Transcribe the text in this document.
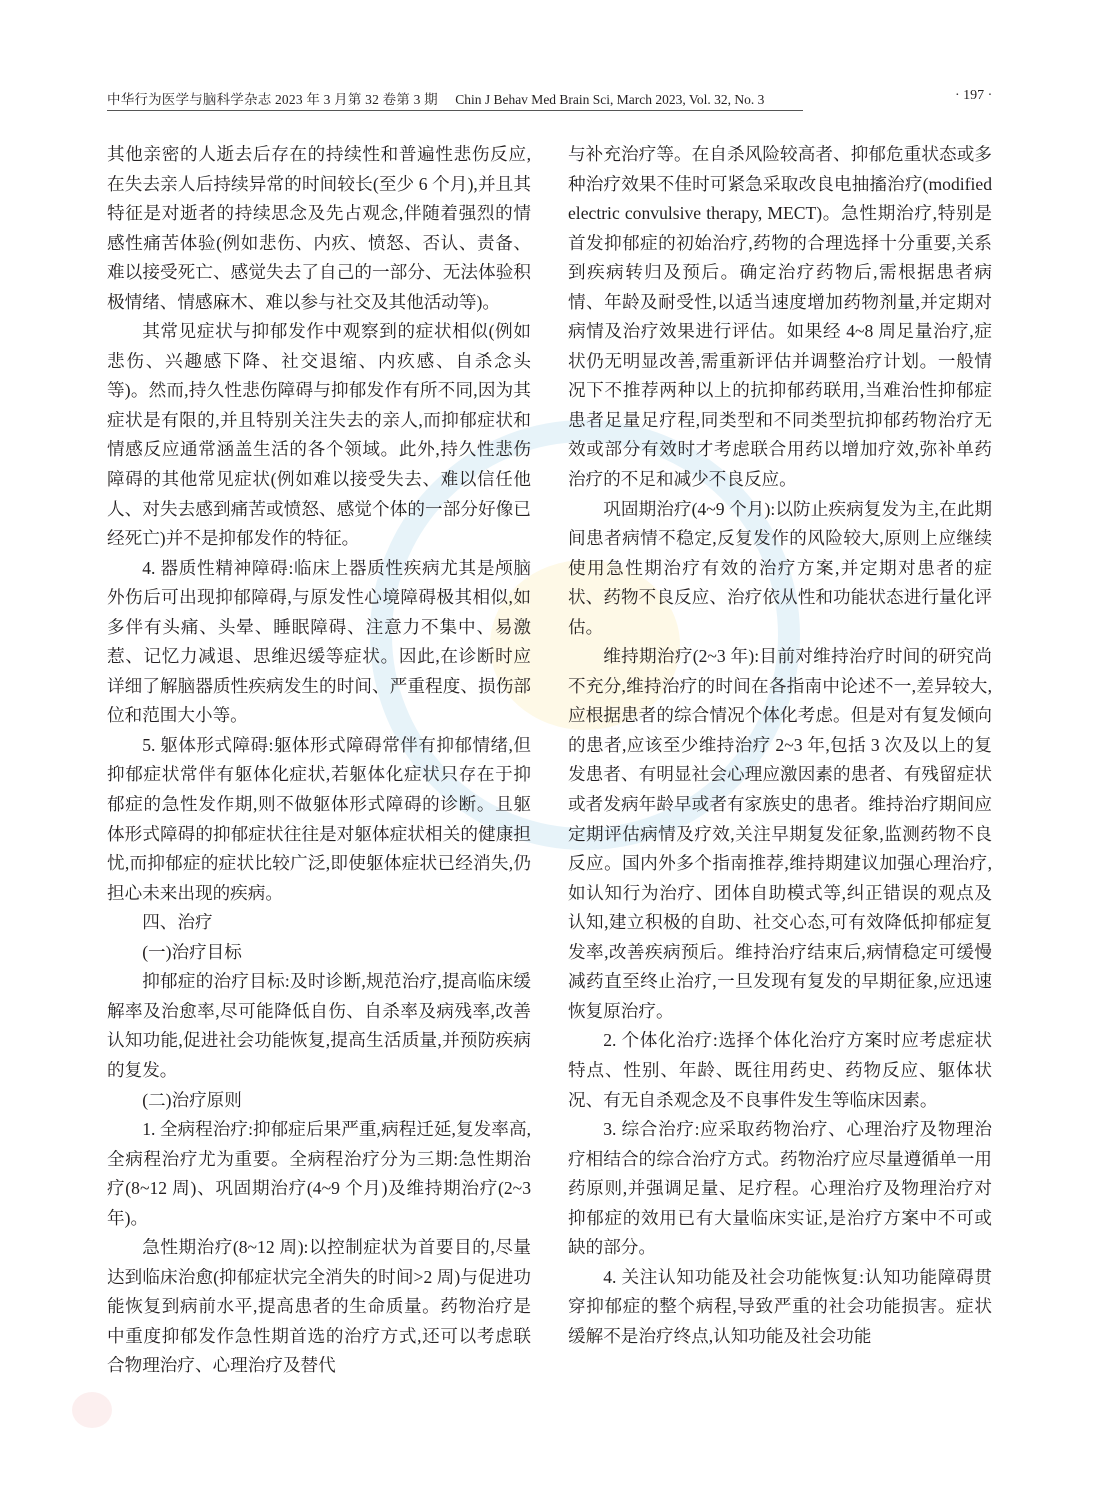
中华行为医学与脑科学杂志 2023 年 3 月第 32 卷第 3 期 Chin J Behav Med Brain Sci, March 2023, Vol. 32, No. 3	· 197 ·

其他亲密的人逝去后存在的持续性和普遍性悲伤反应,在失去亲人后持续异常的时间较长(至少 6 个月),并且其特征是对逝者的持续思念及先占观念,伴随着强烈的情感性痛苦体验(例如悲伤、内疚、愤怒、否认、责备、难以接受死亡、感觉失去了自己的一部分、无法体验积极情绪、情感麻木、难以参与社交及其他活动等)。

其常见症状与抑郁发作中观察到的症状相似(例如悲伤、兴趣感下降、社交退缩、内疚感、自杀念头等)。然而,持久性悲伤障碍与抑郁发作有所不同,因为其症状是有限的,并且特别关注失去的亲人,而抑郁症状和情感反应通常涵盖生活的各个领域。此外,持久性悲伤障碍的其他常见症状(例如难以接受失去、难以信任他人、对失去感到痛苦或愤怒、感觉个体的一部分好像已经死亡)并不是抑郁发作的特征。

4. 器质性精神障碍:临床上器质性疾病尤其是颅脑外伤后可出现抑郁障碍,与原发性心境障碍极其相似,如多伴有头痛、头晕、睡眠障碍、注意力不集中、易激惹、记忆力减退、思维迟缓等症状。因此,在诊断时应详细了解脑器质性疾病发生的时间、严重程度、损伤部位和范围大小等。

5. 躯体形式障碍:躯体形式障碍常伴有抑郁情绪,但抑郁症状常伴有躯体化症状,若躯体化症状只存在于抑郁症的急性发作期,则不做躯体形式障碍的诊断。且躯体形式障碍的抑郁症状往往是对躯体症状相关的健康担忧,而抑郁症的症状比较广泛,即使躯体症状已经消失,仍担心未来出现的疾病。

四、治疗

(一)治疗目标

抑郁症的治疗目标:及时诊断,规范治疗,提高临床缓解率及治愈率,尽可能降低自伤、自杀率及病残率,改善认知功能,促进社会功能恢复,提高生活质量,并预防疾病的复发。

(二)治疗原则

1. 全病程治疗:抑郁症后果严重,病程迁延,复发率高,全病程治疗尤为重要。全病程治疗分为三期:急性期治疗(8~12 周)、巩固期治疗(4~9 个月)及维持期治疗(2~3 年)。

急性期治疗(8~12 周):以控制症状为首要目的,尽量达到临床治愈(抑郁症状完全消失的时间>2 周)与促进功能恢复到病前水平,提高患者的生命质量。药物治疗是中重度抑郁发作急性期首选的治疗方式,还可以考虑联合物理治疗、心理治疗及替代

与补充治疗等。在自杀风险较高者、抑郁危重状态或多种治疗效果不佳时可紧急采取改良电抽搐治疗(modified electric convulsive therapy, MECT)。急性期治疗,特别是首发抑郁症的初始治疗,药物的合理选择十分重要,关系到疾病转归及预后。确定治疗药物后,需根据患者病情、年龄及耐受性,以适当速度增加药物剂量,并定期对病情及治疗效果进行评估。如果经 4~8 周足量治疗,症状仍无明显改善,需重新评估并调整治疗计划。一般情况下不推荐两种以上的抗抑郁药联用,当难治性抑郁症患者足量足疗程,同类型和不同类型抗抑郁药物治疗无效或部分有效时才考虑联合用药以增加疗效,弥补单药治疗的不足和减少不良反应。

巩固期治疗(4~9 个月):以防止疾病复发为主,在此期间患者病情不稳定,反复发作的风险较大,原则上应继续使用急性期治疗有效的治疗方案,并定期对患者的症状、药物不良反应、治疗依从性和功能状态进行量化评估。

维持期治疗(2~3 年):目前对维持治疗时间的研究尚不充分,维持治疗的时间在各指南中论述不一,差异较大,应根据患者的综合情况个体化考虑。但是对有复发倾向的患者,应该至少维持治疗 2~3 年,包括 3 次及以上的复发患者、有明显社会心理应激因素的患者、有残留症状或者发病年龄早或者有家族史的患者。维持治疗期间应定期评估病情及疗效,关注早期复发征象,监测药物不良反应。国内外多个指南推荐,维持期建议加强心理治疗,如认知行为治疗、团体自助模式等,纠正错误的观点及认知,建立积极的自助、社交心态,可有效降低抑郁症复发率,改善疾病预后。维持治疗结束后,病情稳定可缓慢减药直至终止治疗,一旦发现有复发的早期征象,应迅速恢复原治疗。

2. 个体化治疗:选择个体化治疗方案时应考虑症状特点、性别、年龄、既往用药史、药物反应、躯体状况、有无自杀观念及不良事件发生等临床因素。

3. 综合治疗:应采取药物治疗、心理治疗及物理治疗相结合的综合治疗方式。药物治疗应尽量遵循单一用药原则,并强调足量、足疗程。心理治疗及物理治疗对抑郁症的效用已有大量临床实证,是治疗方案中不可或缺的部分。

4. 关注认知功能及社会功能恢复:认知功能障碍贯穿抑郁症的整个病程,导致严重的社会功能损害。症状缓解不是治疗终点,认知功能及社会功能
